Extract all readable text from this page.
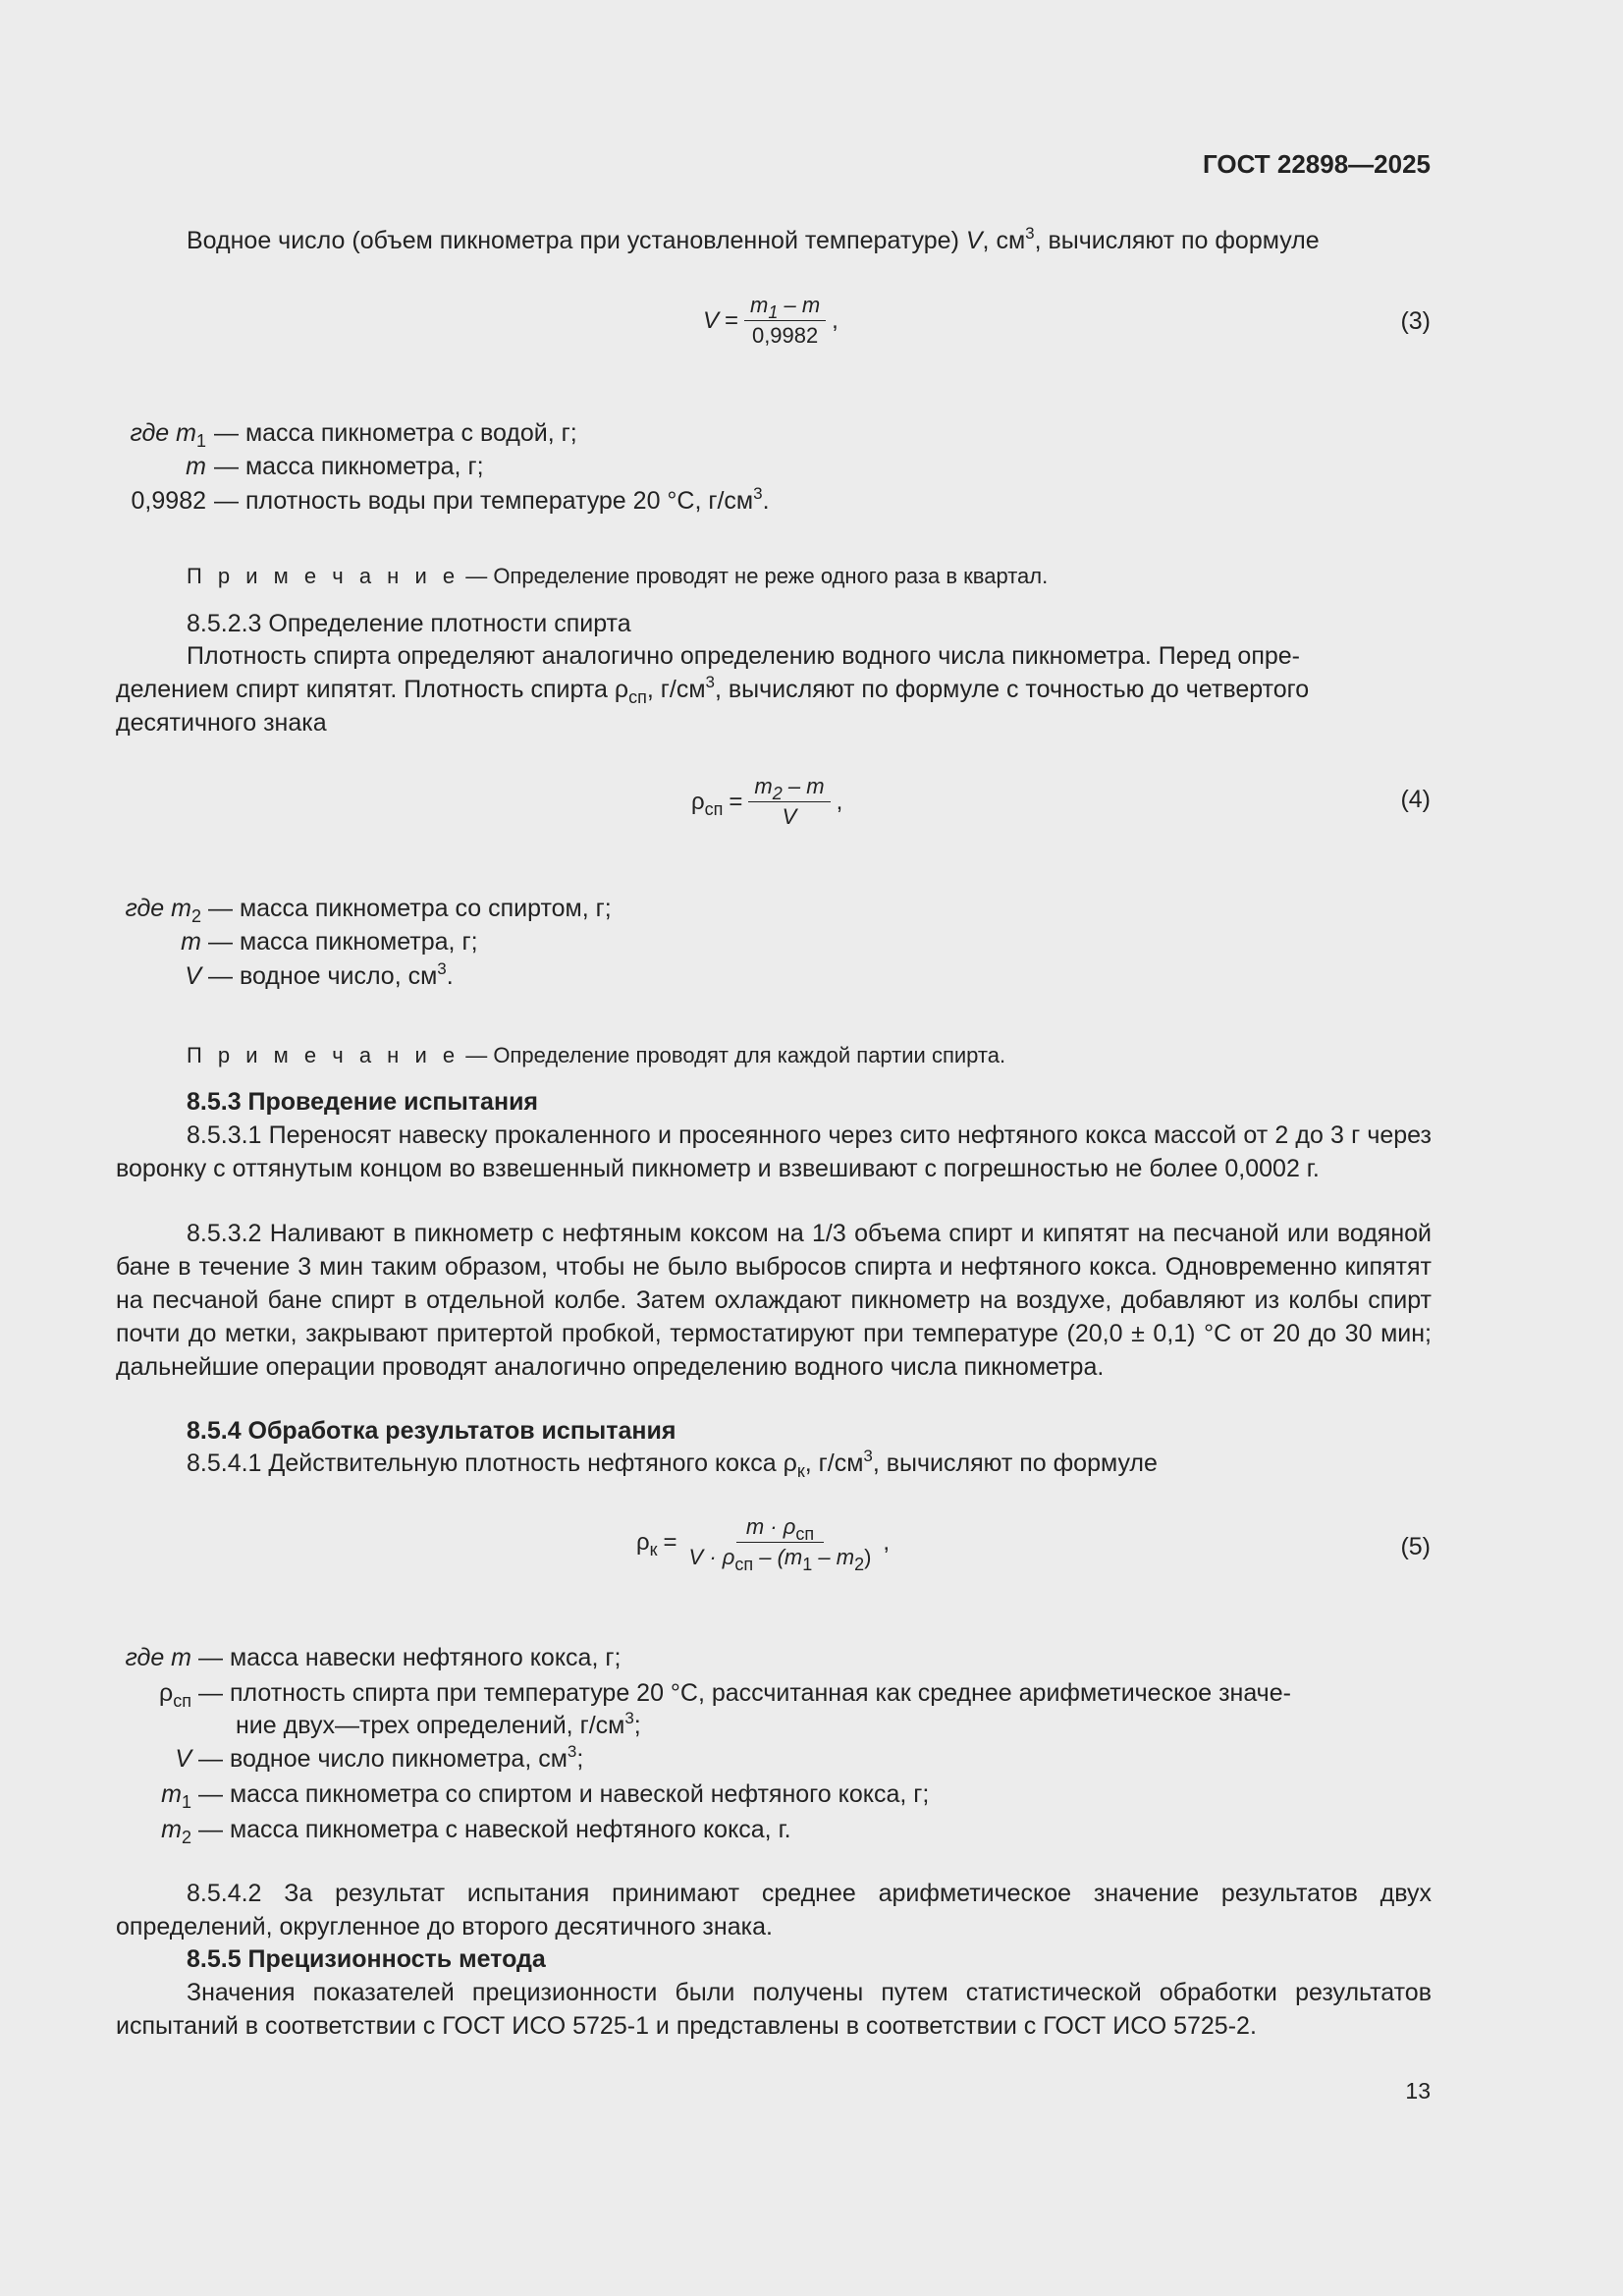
ГОСТ 22898—2025
Водное число (объем пикнометра при установленной температуре) V, $см^3$, вычисляют по формуле
$V = \frac{m_1 - m}{0,9982}$ ,	(3)
где $m_1$ — масса пикнометра с водой, г;
m — масса пикнометра, г;
0,9982 — плотность воды при температуре 20 °С, $г/см^3$.
П р и м е ч а н и е — Определение проводят не реже одного раза в квартал.
8.5.2.3 Определение плотности спирта
Плотность спирта определяют аналогично определению водного числа пикнометра. Перед опре-
делением спирт кипятят. Плотность спирта $\rho_{сп}$, $г/см^3$, вычисляют по формуле с точностью до четвертого
десятичного знака
$\rho_{сп} = \frac{m_2 - m}{V}$ ,	(4)
где $m_2$ — масса пикнометра со спиртом, г;
m — масса пикнометра, г;
V — водное число, $см^3$.
П р и м е ч а н и е — Определение проводят для каждой партии спирта.
8.5.3 Проведение испытания
8.5.3.1 Переносят навеску прокаленного и просеянного через сито нефтяного кокса массой от 2 до 3 г через воронку с оттянутым концом во взвешенный пикнометр и взвешивают с погрешностью не более 0,0002 г.
8.5.3.2 Наливают в пикнометр с нефтяным коксом на 1/3 объема спирт и кипятят на песчаной или водяной бане в течение 3 мин таким образом, чтобы не было выбросов спирта и нефтяного кокса. Одновременно кипятят на песчаной бане спирт в отдельной колбе. Затем охлаждают пикнометр на воздухе, добавляют из колбы спирт почти до метки, закрывают притертой пробкой, термостатируют при температуре (20,0 ± 0,1) °С от 20 до 30 мин; дальнейшие операции проводят аналогично определению водного числа пикнометра.
8.5.4 Обработка результатов испытания
8.5.4.1 Действительную плотность нефтяного кокса $\rho_к$, $г/см^3$, вычисляют по формуле
$\rho_к = \frac{m \cdot \rho_{сп}}{V \cdot \rho_{сп} - (m_1 - m_2)}$ ,	(5)
где m — масса навески нефтяного кокса, г;
$\rho_{сп}$ — плотность спирта при температуре 20 °С, рассчитанная как среднее арифметическое значе-
ние двух—трех определений, $г/см^3$;
V — водное число пикнометра, $см^3$;
$m_1$ — масса пикнометра со спиртом и навеской нефтяного кокса, г;
$m_2$ — масса пикнометра с навеской нефтяного кокса, г.
8.5.4.2 За результат испытания принимают среднее арифметическое значение результатов двух определений, округленное до второго десятичного знака.
8.5.5 Прецизионность метода
Значения показателей прецизионности были получены путем статистической обработки результатов испытаний в соответствии с ГОСТ ИСО 5725-1 и представлены в соответствии с ГОСТ ИСО 5725-2.
13
